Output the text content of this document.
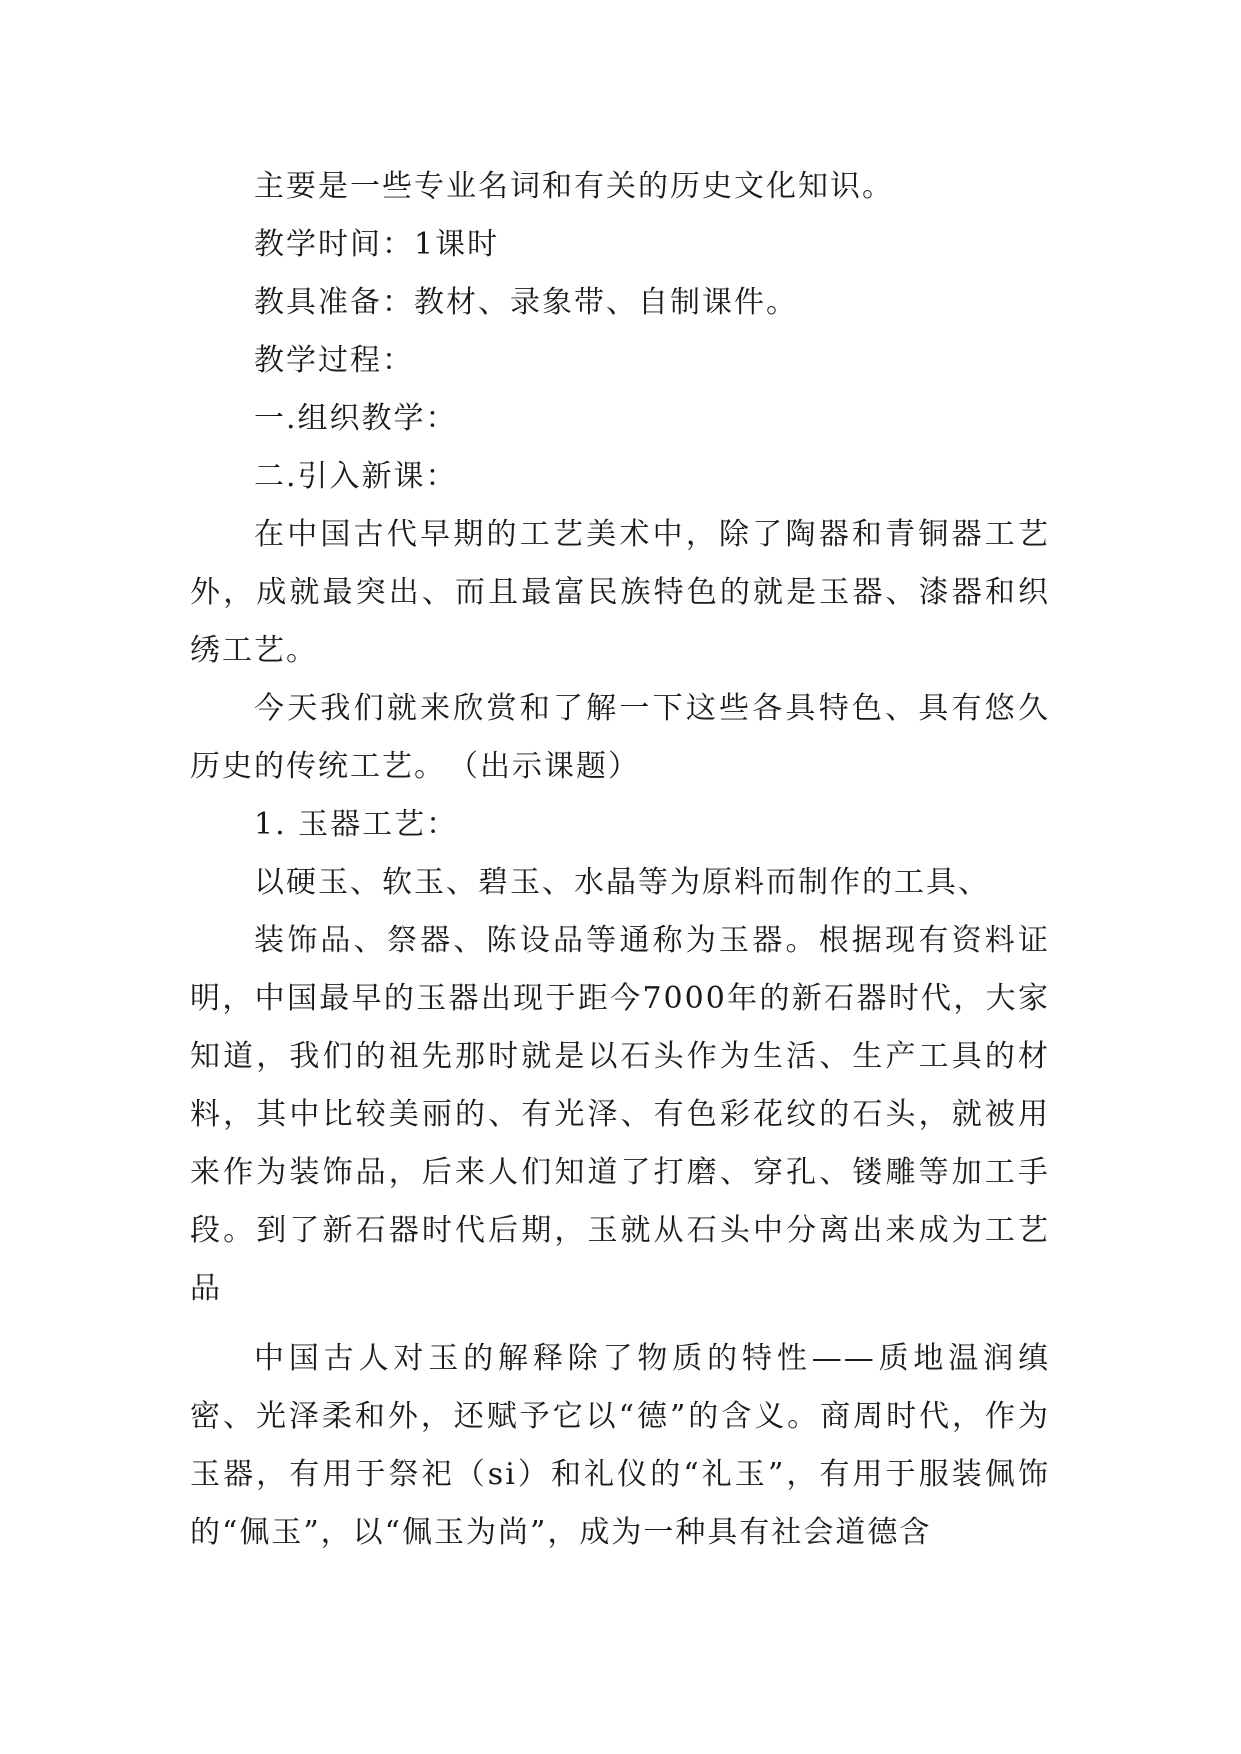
主要是一些专业名词和有关的历史文化知识。

教学时间：1课时

教具准备：教材、录象带、自制课件。

教学过程：

一.组织教学：

二.引入新课：

在中国古代早期的工艺美术中，除了陶器和青铜器工艺外，成就最突出、而且最富民族特色的就是玉器、漆器和织绣工艺。

今天我们就来欣赏和了解一下这些各具特色、具有悠久历史的传统工艺。　（出示课题）

1. 玉器工艺：

以硬玉、软玉、碧玉、水晶等为原料而制作的工具、

装饰品、祭器、陈设品等通称为玉器。根据现有资料证明，中国最早的玉器出现于距今7000年的新石器时代，大家知道，我们的祖先那时就是以石头作为生活、生产工具的材料，其中比较美丽的、有光泽、有色彩花纹的石头，就被用来作为装饰品，后来人们知道了打磨、穿孔、镂雕等加工手段。到了新石器时代后期，玉就从石头中分离出来成为工艺品

中国古人对玉的解释除了物质的特性——质地温润缜密、光泽柔和外，还赋予它以“德”的含义。商周时代，作为玉器，有用于祭祀（si）和礼仪的“礼玉”，有用于服装佩饰的“佩玉”，以“佩玉为尚”，成为一种具有社会道德含
